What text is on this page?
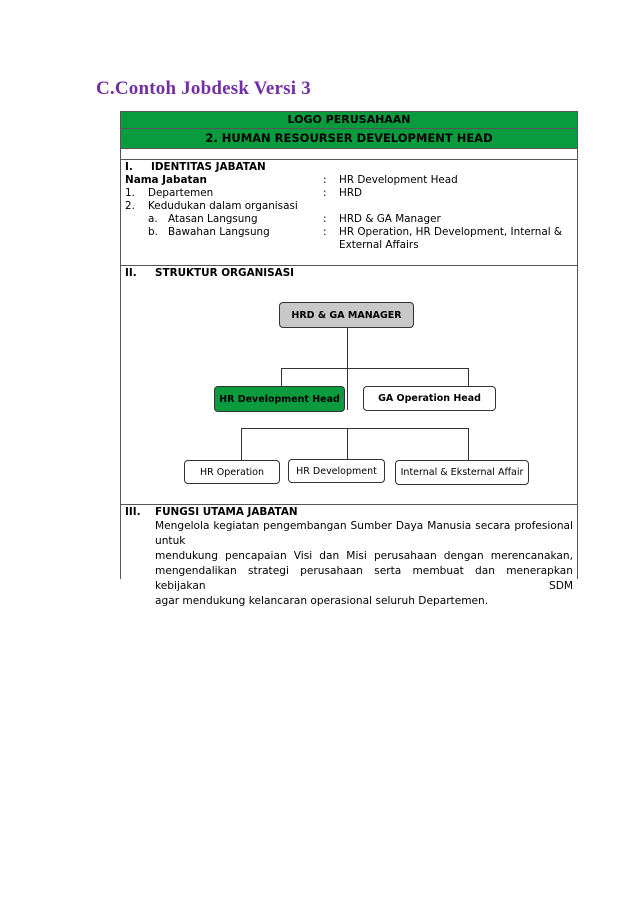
C.Contoh Jobdesk Versi 3
LOGO PERUSAHAAN
2. HUMAN RESOURSER DEVELOPMENT HEAD
I. IDENTITAS JABATAN
Nama Jabatan	: HR Development Head
1. Departemen	: HRD
2. Kedudukan dalam organisasi
a. Atasan Langsung	: HRD & GA Manager
b. Bawahan Langsung	: HR Operation, HR Development, Internal &
External Affairs
II. STRUKTUR ORGANISASI
HRD & GA MANAGER
HR Development Head	GA Operation Head
HR Operation	HR Development	Internal & Eksternal Affair
III. FUNGSI UTAMA JABATAN
Mengelola kegiatan pengembangan Sumber Daya Manusia secara profesional untuk
mendukung pencapaian Visi dan Misi perusahaan dengan merencanakan,
mengendalikan strategi perusahaan serta membuat dan menerapkan kebijakan SDM
agar mendukung kelancaran operasional seluruh Departemen.
